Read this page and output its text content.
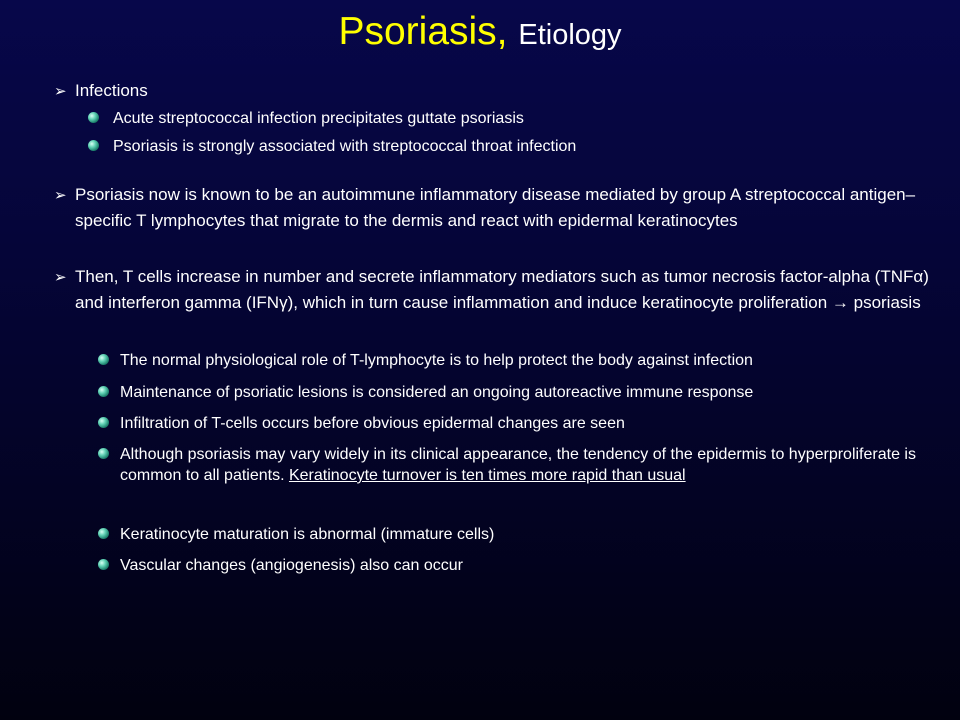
Psoriasis, Etiology
➢ Infections
Acute streptococcal infection precipitates guttate psoriasis
Psoriasis is strongly associated with streptococcal throat infection
➢ Psoriasis now is known to be an autoimmune inflammatory disease mediated by group A streptococcal antigen–specific T lymphocytes that migrate to the dermis and react with epidermal keratinocytes
➢ Then, T cells increase in number and secrete inflammatory mediators such as tumor necrosis factor-alpha (TNFα) and interferon gamma (IFNγ), which in turn cause inflammation and induce keratinocyte proliferation → psoriasis
The normal physiological role of T-lymphocyte is to help protect the body against infection
Maintenance of psoriatic lesions is considered an ongoing autoreactive immune response
Infiltration of T-cells occurs before obvious epidermal changes are seen
Although psoriasis may vary widely in its clinical appearance, the tendency of the epidermis to hyperproliferate is common to all patients. Keratinocyte turnover is ten times more rapid than usual
Keratinocyte maturation is abnormal (immature cells)
Vascular changes (angiogenesis) also can occur
